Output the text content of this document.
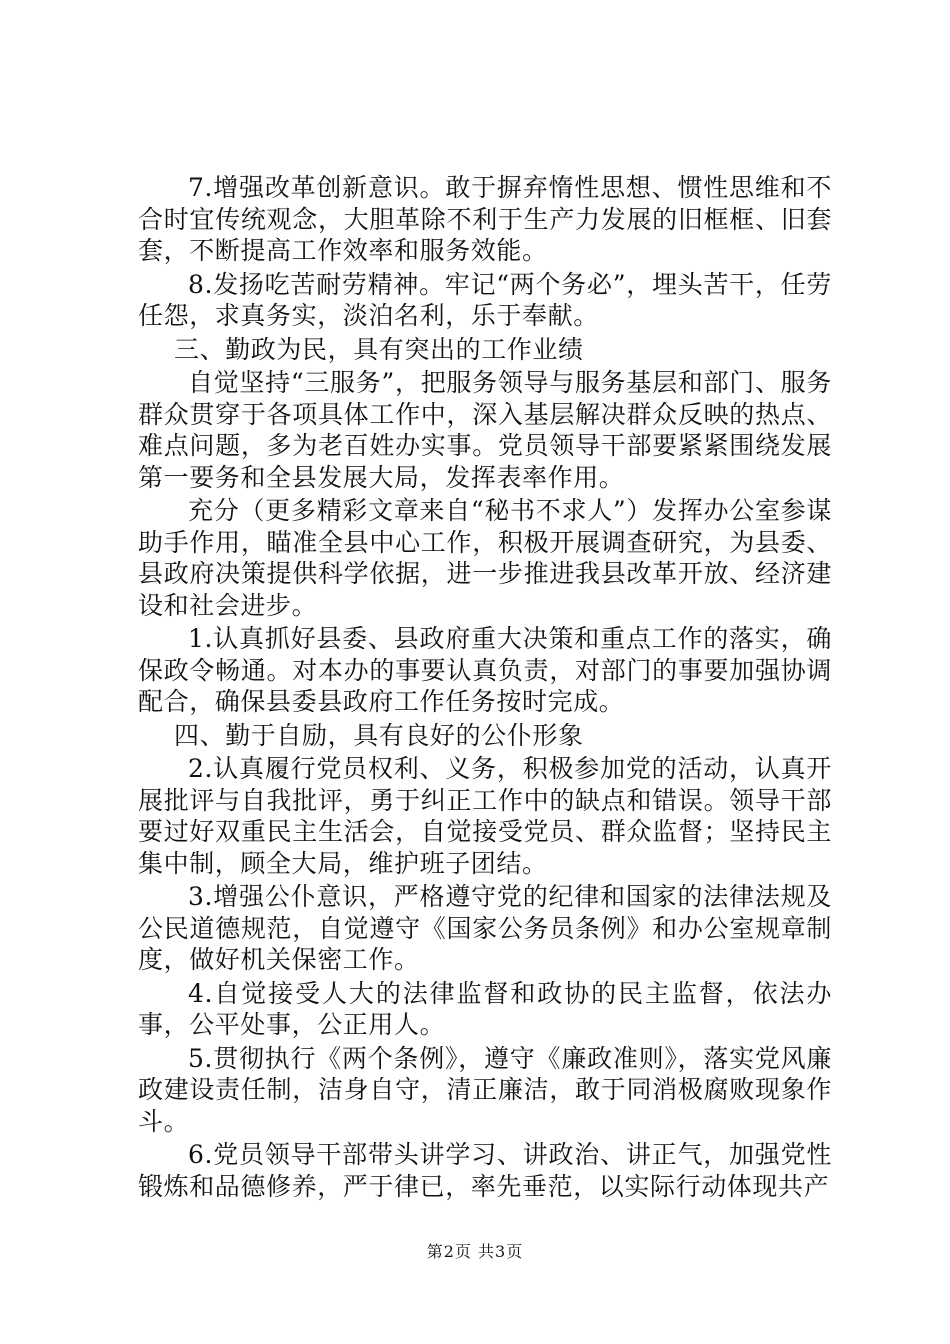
7.增强改革创新意识。敢于摒弃惰性思想、惯性思维和不合时宜传统观念，大胆革除不利于生产力发展的旧框框、旧套套，不断提高工作效率和服务效能。

8.发扬吃苦耐劳精神。牢记“两个务必”，埋头苦干，任劳任怨，求真务实，淡泊名利，乐于奉献。

三、勤政为民，具有突出的工作业绩

自觉坚持“三服务”，把服务领导与服务基层和部门、服务群众贯穿于各项具体工作中，深入基层解决群众反映的热点、难点问题，多为老百姓办实事。党员领导干部要紧紧围绕发展第一要务和全县发展大局，发挥表率作用。

充分（更多精彩文章来自“秘书不求人”）发挥办公室参谋助手作用，瞄准全县中心工作，积极开展调查研究，为县委、县政府决策提供科学依据，进一步推进我县改革开放、经济建设和社会进步。

1.认真抓好县委、县政府重大决策和重点工作的落实，确保政令畅通。对本办的事要认真负责，对部门的事要加强协调配合，确保县委县政府工作任务按时完成。

四、勤于自励，具有良好的公仆形象

2.认真履行党员权利、义务，积极参加党的活动，认真开展批评与自我批评，勇于纠正工作中的缺点和错误。领导干部要过好双重民主生活会，自觉接受党员、群众监督；坚持民主集中制，顾全大局，维护班子团结。

3.增强公仆意识，严格遵守党的纪律和国家的法律法规及公民道德规范，自觉遵守《国家公务员条例》和办公室规章制度，做好机关保密工作。

4.自觉接受人大的法律监督和政协的民主监督，依法办事，公平处事，公正用人。

5.贯彻执行《两个条例》，遵守《廉政准则》，落实党风廉政建设责任制，洁身自守，清正廉洁，敢于同消极腐败现象作斗。

6.党员领导干部带头讲学习、讲政治、讲正气，加强党性锻炼和品德修养，严于律已，率先垂范，以实际行动体现共产

第2页 共3页
